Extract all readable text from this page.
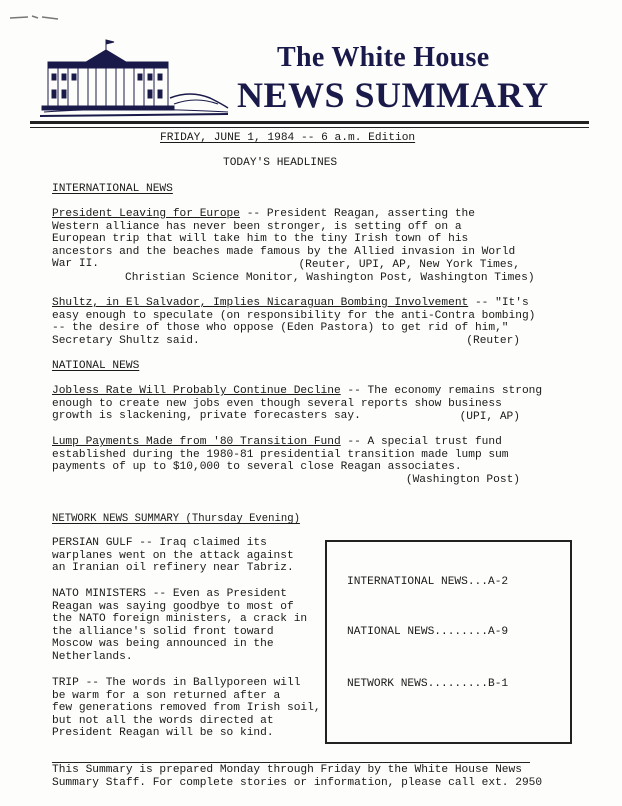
The White House
NEWS SUMMARY
FRIDAY, JUNE 1, 1984 -- 6 a.m. Edition
TODAY'S HEADLINES
INTERNATIONAL NEWS
President Leaving for Europe -- President Reagan, asserting the
Western alliance has never been stronger, is setting off on a
European trip that will take him to the tiny Irish town of his
ancestors and the beaches made famous by the Allied invasion in World
War II.	(Reuter, UPI, AP, New York Times,
Christian Science Monitor, Washington Post, Washington Times)
Shultz, in El Salvador, Implies Nicaraguan Bombing Involvement -- "It's
easy enough to speculate (on responsibility for the anti-Contra bombing)
-- the desire of those who oppose (Eden Pastora) to get rid of him,"
Secretary Shultz said.	(Reuter)
NATIONAL NEWS
Jobless Rate Will Probably Continue Decline -- The economy remains strong
enough to create new jobs even though several reports show business
growth is slackening, private forecasters say.	(UPI, AP)
Lump Payments Made from '80 Transition Fund -- A special trust fund
established during the 1980-81 presidential transition made lump sum
payments of up to $10,000 to several close Reagan associates.
(Washington Post)
NETWORK NEWS SUMMARY (Thursday Evening)
PERSIAN GULF -- Iraq claimed its
warplanes went on the attack against
an Iranian oil refinery near Tabriz.
NATO MINISTERS -- Even as President
Reagan was saying goodbye to most of
the NATO foreign ministers, a crack in
the alliance's solid front toward
Moscow was being announced in the
Netherlands.
TRIP -- The words in Ballyporeen will
be warm for a son returned after a
few generations removed from Irish soil,
but not all the words directed at
President Reagan will be so kind.
INTERNATIONAL NEWS...A-2
NATIONAL NEWS........A-9
NETWORK NEWS.........B-1
This Summary is prepared Monday through Friday by the White House News
Summary Staff. For complete stories or information, please call ext. 2950
